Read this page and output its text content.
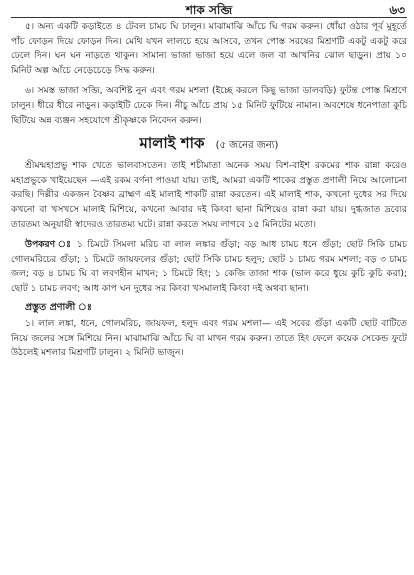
শাক সব্জি	৬৩

৫। অন্য একটি কড়াইতে ৪ টেবল চামচ ঘি ঢালুন। মাঝামাঝি আঁচে ঘি গরম করুন। ধোঁয়া ওঠার পূর্ব মুহূর্তে পাঁচ ফোড়ন দিয়ে ফোড়ন দিন। মেথি যখন লালচে হয়ে আসবে, তখন পোস্ত সরষের মিশ্রণটি একটু একটু করে ঢেলে দিন। ঘন ঘন নাড়তে থাকুন। সামান্য ভাজা ভাজা হয়ে এলে জল বা আখনির ঝোল ছাড়ুন। প্রায় ১০ মিনিট অল্প আঁচে নেড়েচেড়ে সিদ্ধ করুন।

৬। সমস্ত ভাজা সব্জি, অবশিষ্ট নুন এবং গরম মশলা (ইচ্ছে করলে কিছু ভাজা ডালবড়ি) ফুটন্ত পোস্ত মিশ্রণে ঢালুন। ধীরে ধীরে নাড়ুন। কড়াইটি ঢেকে দিন। নীচু আঁচে প্রায় ১৫ মিনিট ফুটিয়ে নামান। অবশেষে ধনেপাতা কুচি ছিটিয়ে অন্ন ব্যঞ্জন সহযোগে শ্রীকৃষ্ণকে নিবেদন করুন।

মালাই শাক (৫ জনের জন্য)

শ্রীমন্মহাপ্রভু শাক খেতে ভালবাসতেন। তাই শচীমাতা অনেক সময় বিশ-বাইশ রকমের শাক রান্না করেও মহাপ্রভুকে খাইয়েছেন —এই রকম বর্ণনা পাওয়া যায়। তাই, আমরা একটি শাকের প্রস্তুত প্রণালী নিয়ে আলোচনা করছি। দিল্লীর একজন বৈষ্ণব ব্রাহ্মণ এই মালাই শাকটি রান্না করতেন। এই মালাই শাক, কখনো দুধের সর দিয়ে কখনো বা খসখসে মালাই মিশিয়ে, কখনো আবার দই কিংবা ছানা মিশিয়েও রান্না করা যায়। দুগ্ধজাত দ্রব্যের তারতম্য অনুযায়ী স্বাদেরও তারতম্য ঘটে। রান্না করতে সময় লাগবে ১৫ মিনিটের মতো।

উপকরণ ঃ ১ চিমটে সিমলা মরিচ বা লাল লঙ্কার গুঁড়া; বড় আধ চামচ ধনে গুঁড়া; ছোট সিকি চামচ গোলমরিচের গুঁড়া; ১ চিমটে জায়ফলের গুঁড়া; ছোট সিকি চামচ হলুদ; ছোট ১ চামচ গরম মশলা; বড় ৩ চামচ জল; বড় ৪ চামচ ঘি বা লবণহীন মাখন; ১ চিমটে হিং; ১ কেজি তাজা শাক (ভাল করে ধুয়ে কুচি কুচি করা); ছোট ১ চামচ লবণ; আধ কাপ ঘন দুধের সর কিংবা খসমালাই কিংবা দই অথবা ছানা।

প্রস্তুত প্রণালী ঃ

১। লাল লঙ্কা, ধনে, গোলমরিচ, জায়ফল, হলুদ এবং গরম মশলা— এই সবের গুঁড়া একটি ছোট বাটিতে নিয়ে জলের সঙ্গে মিশিয়ে নিন। মাঝামাঝি আঁচে ঘি বা মাখন গরম করুন। তাতে হিং ফেলে কয়েক সেকেন্ড ফুটে উঠলেই মশলার মিশ্রণটি ঢালুন। ২ মিনিট ভাজুন।
